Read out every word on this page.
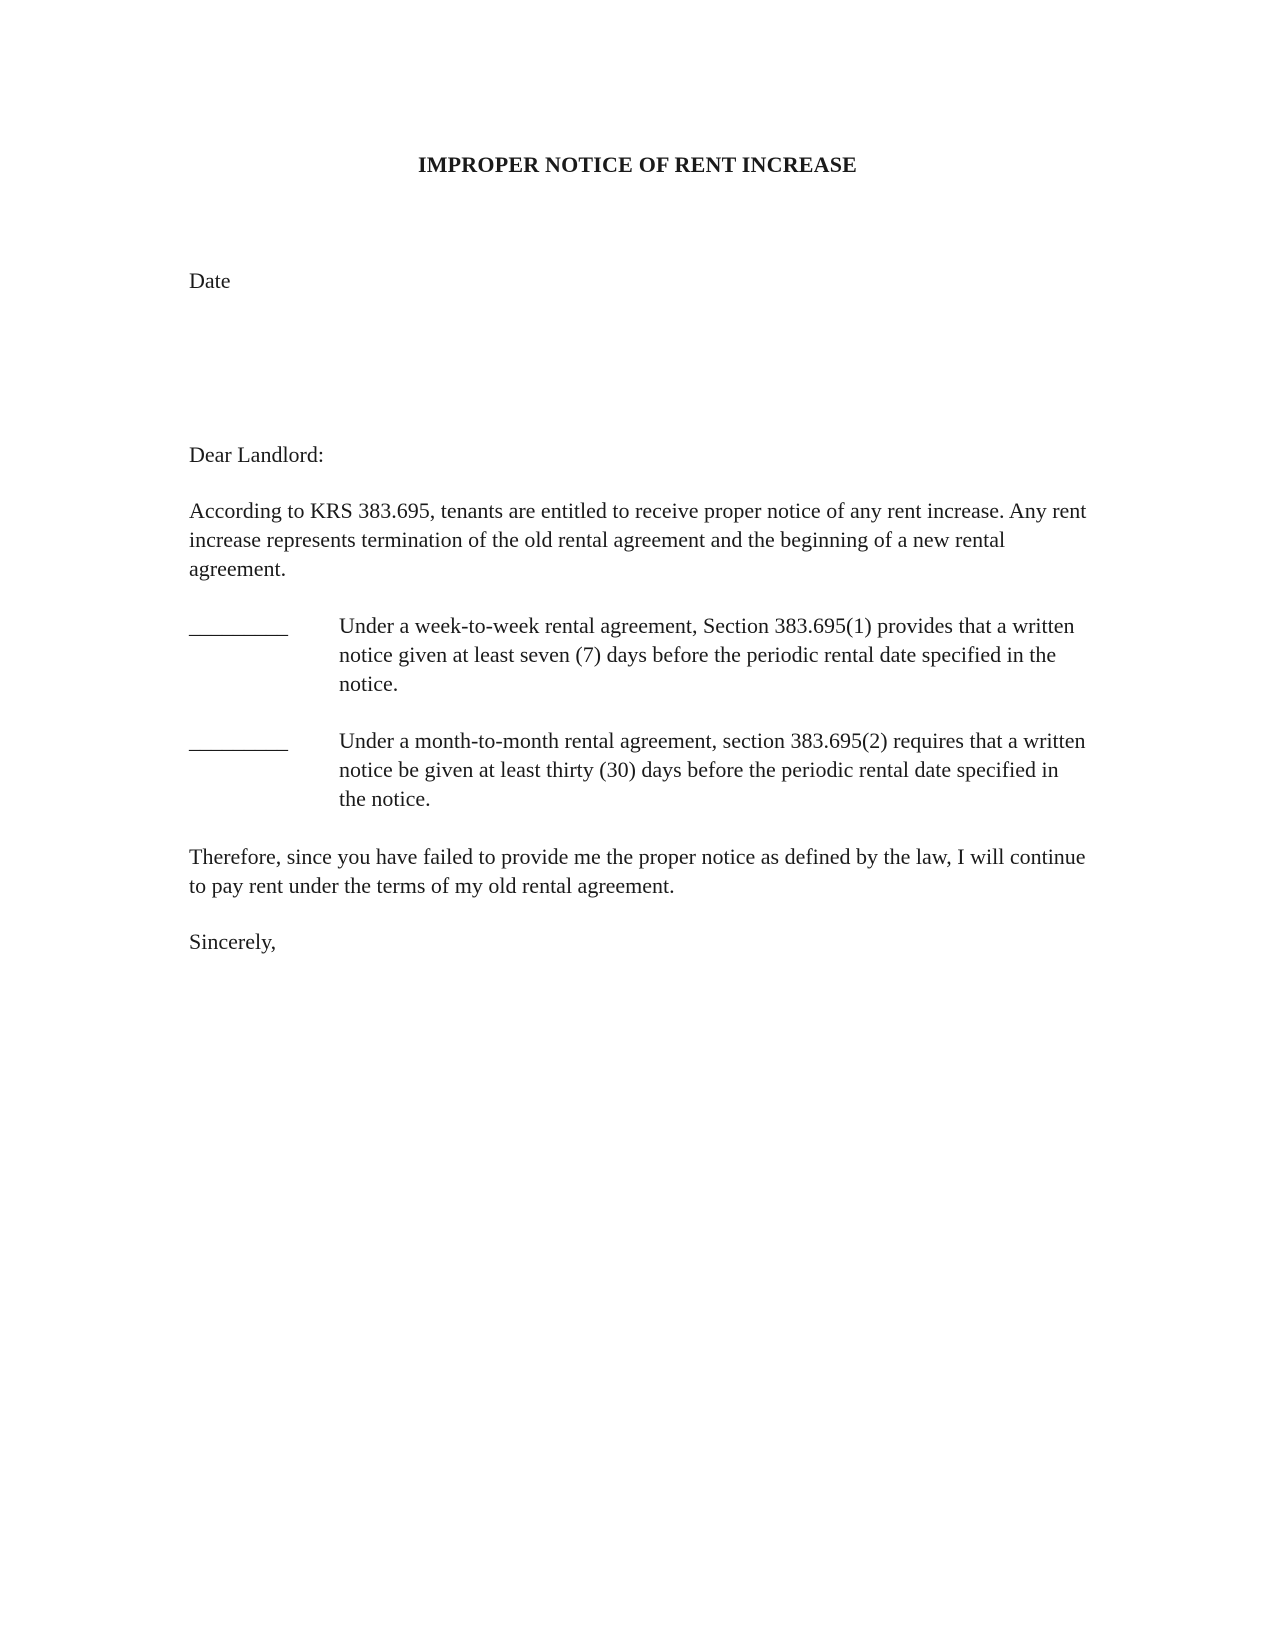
IMPROPER NOTICE OF RENT INCREASE
Date
Dear Landlord:
According to KRS 383.695, tenants are entitled to receive proper notice of any rent increase. Any rent increase represents termination of the old rental agreement and the beginning of a new rental agreement.
_________	Under a week-to-week rental agreement, Section 383.695(1) provides that a written notice given at least seven (7) days before the periodic rental date specified in the notice.
_________	Under a month-to-month rental agreement, section 383.695(2) requires that a written notice be given at least thirty (30) days before the periodic rental date specified in the notice.
Therefore, since you have failed to provide me the proper notice as defined by the law, I will continue to pay rent under the terms of my old rental agreement.
Sincerely,
